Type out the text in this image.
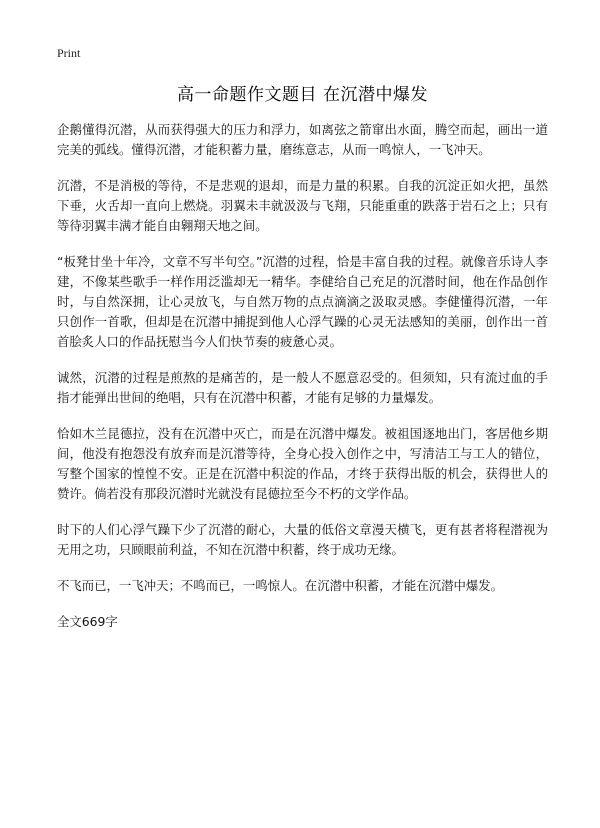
Print
高一命题作文题目 在沉潜中爆发

企鹅懂得沉潜，从而获得强大的压力和浮力，如离弦之箭窜出水面，腾空而起，画出一道完美的弧线。懂得沉潜，才能积蓄力量，磨练意志，从而一鸣惊人，一飞冲天。

沉潜，不是消极的等待，不是悲观的退却，而是力量的积累。自我的沉淀正如火把，虽然下垂，火舌却一直向上燃烧。羽翼未丰就汲汲与飞翔，只能重重的跌落于岩石之上；只有等待羽翼丰满才能自由翱翔天地之间。

“板凳甘坐十年冷，文章不写半句空。”沉潜的过程，恰是丰富自我的过程。就像音乐诗人李建，不像某些歌手一样作用泛滥却无一精华。李健给自己充足的沉潜时间，他在作品创作时，与自然深拥，让心灵放飞，与自然万物的点点滴滴之汲取灵感。李健懂得沉潜，一年只创作一首歌，但却是在沉潜中捕捉到他人心浮气躁的心灵无法感知的美丽，创作出一首首脍炙人口的作品抚慰当今人们快节奏的疲惫心灵。

诚然，沉潜的过程是煎熬的是痛苦的，是一般人不愿意忍受的。但须知，只有流过血的手指才能弹出世间的绝唱，只有在沉潜中积蓄，才能有足够的力量爆发。

恰如木兰昆德拉，没有在沉潜中灭亡，而是在沉潜中爆发。被祖国逐地出门，客居他乡期间，他没有抱怨没有放弃而是沉潜等待，全身心投入创作之中，写清洁工与工人的错位，写整个国家的惶惶不安。正是在沉潜中积淀的作品，才终于获得出版的机会，获得世人的赞许。倘若没有那段沉潜时光就没有昆德拉至今不朽的文学作品。

时下的人们心浮气躁下少了沉潜的耐心，大量的低俗文章漫天横飞，更有甚者将程潜视为无用之功，只顾眼前利益，不知在沉潜中积蓄，终于成功无缘。

不飞而已，一飞冲天；不鸣而已，一鸣惊人。在沉潜中积蓄，才能在沉潜中爆发。

全文669字
